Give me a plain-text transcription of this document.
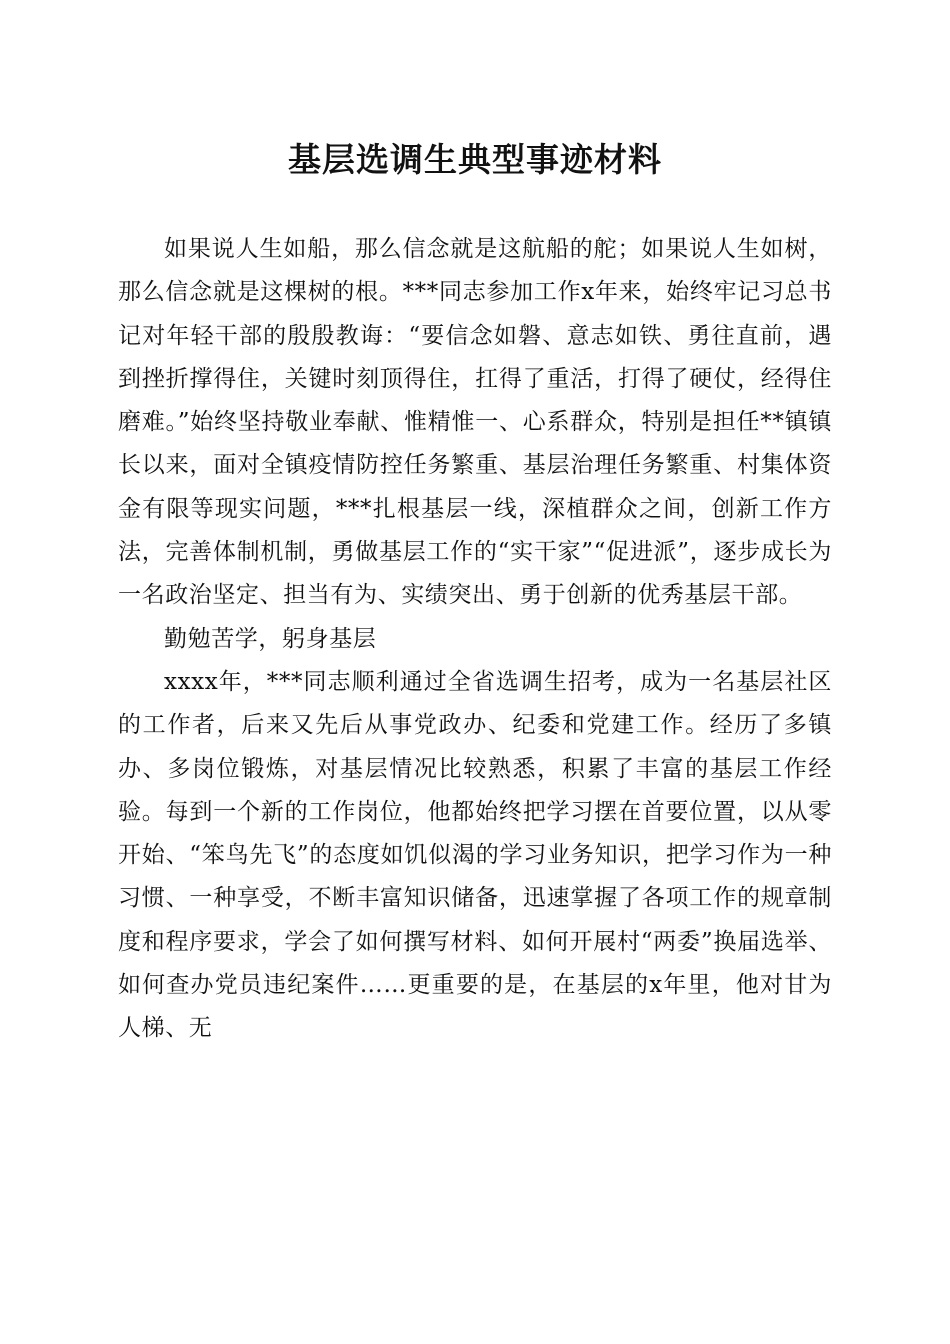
基层选调生典型事迹材料

如果说人生如船，那么信念就是这航船的舵；如果说人生如树，那么信念就是这棵树的根。***同志参加工作x年来，始终牢记习总书记对年轻干部的殷殷教诲：“要信念如磐、意志如铁、勇往直前，遇到挫折撑得住，关键时刻顶得住，扛得了重活，打得了硬仗，经得住磨难。”始终坚持敬业奉献、惟精惟一、心系群众，特别是担任**镇镇长以来，面对全镇疫情防控任务繁重、基层治理任务繁重、村集体资金有限等现实问题，***扎根基层一线，深植群众之间，创新工作方法，完善体制机制，勇做基层工作的“实干家”“促进派”，逐步成长为一名政治坚定、担当有为、实绩突出、勇于创新的优秀基层干部。

勤勉苦学，躬身基层

xxxx年，***同志顺利通过全省选调生招考，成为一名基层社区的工作者，后来又先后从事党政办、纪委和党建工作。经历了多镇办、多岗位锻炼，对基层情况比较熟悉，积累了丰富的基层工作经验。每到一个新的工作岗位，他都始终把学习摆在首要位置，以从零开始、“笨鸟先飞”的态度如饥似渴的学习业务知识，把学习作为一种习惯、一种享受，不断丰富知识储备，迅速掌握了各项工作的规章制度和程序要求，学会了如何撰写材料、如何开展村“两委”换届选举、如何查办党员违纪案件……更重要的是，在基层的x年里，他对甘为人梯、无
